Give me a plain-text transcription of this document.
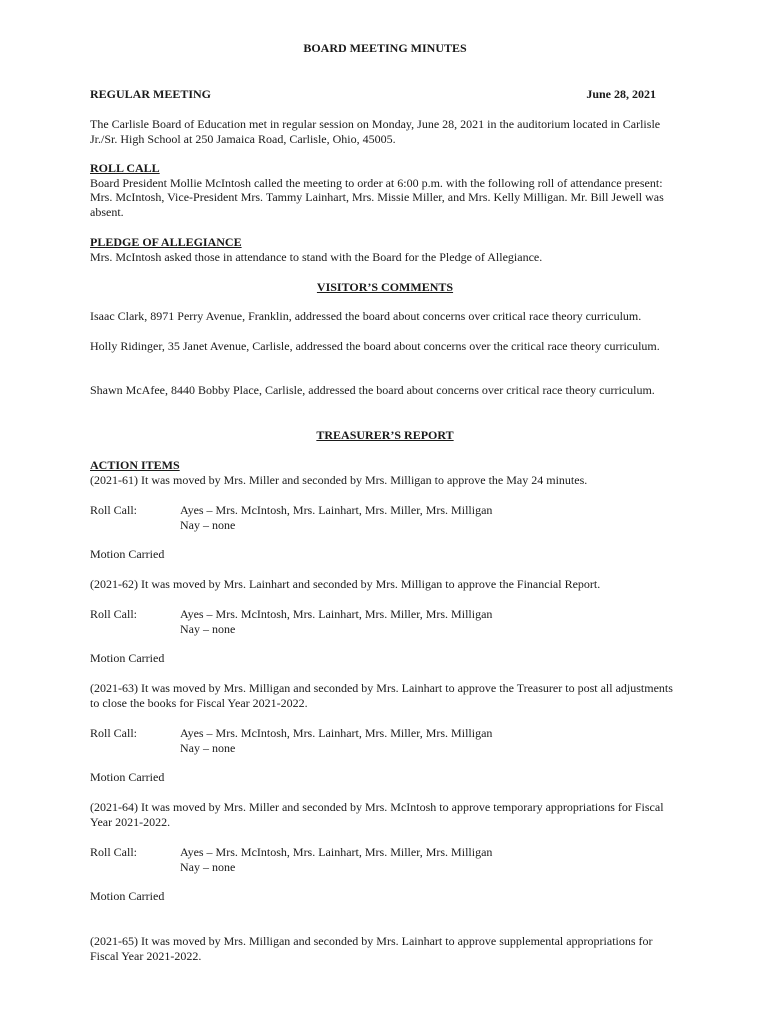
BOARD MEETING MINUTES
REGULAR MEETING	June 28, 2021

The Carlisle Board of Education met in regular session on Monday, June 28, 2021 in the auditorium located in Carlisle Jr./Sr. High School at 250 Jamaica Road, Carlisle, Ohio, 45005.

ROLL CALL

Board President Mollie McIntosh called the meeting to order at 6:00 p.m. with the following roll of attendance present: Mrs. McIntosh, Vice-President Mrs. Tammy Lainhart, Mrs. Missie Miller, and Mrs. Kelly Milligan. Mr. Bill Jewell was absent.

PLEDGE OF ALLEGIANCE

Mrs. McIntosh asked those in attendance to stand with the Board for the Pledge of Allegiance.

VISITOR’S COMMENTS

Isaac Clark, 8971 Perry Avenue, Franklin, addressed the board about concerns over critical race theory curriculum.

Holly Ridinger, 35 Janet Avenue, Carlisle, addressed the board about concerns over the critical race theory curriculum.

Shawn McAfee, 8440 Bobby Place, Carlisle, addressed the board about concerns over critical race theory curriculum.

TREASURER’S REPORT
ACTION ITEMS

(2021-61) It was moved by Mrs. Miller and seconded by Mrs. Milligan to approve the May 24 minutes.

Roll Call:	Ayes – Mrs. McIntosh, Mrs. Lainhart, Mrs. Miller, Mrs. Milligan
Nay – none
Motion Carried

(2021-62) It was moved by Mrs. Lainhart and seconded by Mrs. Milligan to approve the Financial Report.

Roll Call:	Ayes – Mrs. McIntosh, Mrs. Lainhart, Mrs. Miller, Mrs. Milligan
Nay – none
Motion Carried

(2021-63) It was moved by Mrs. Milligan and seconded by Mrs. Lainhart to approve the Treasurer to post all adjustments to close the books for Fiscal Year 2021-2022.

Roll Call:	Ayes – Mrs. McIntosh, Mrs. Lainhart, Mrs. Miller, Mrs. Milligan
Nay – none
Motion Carried

(2021-64) It was moved by Mrs. Miller and seconded by Mrs. McIntosh to approve temporary appropriations for Fiscal Year 2021-2022.

Roll Call:	Ayes – Mrs. McIntosh, Mrs. Lainhart, Mrs. Miller, Mrs. Milligan
Nay – none
Motion Carried

(2021-65) It was moved by Mrs. Milligan and seconded by Mrs. Lainhart to approve supplemental appropriations for Fiscal Year 2021-2022.
